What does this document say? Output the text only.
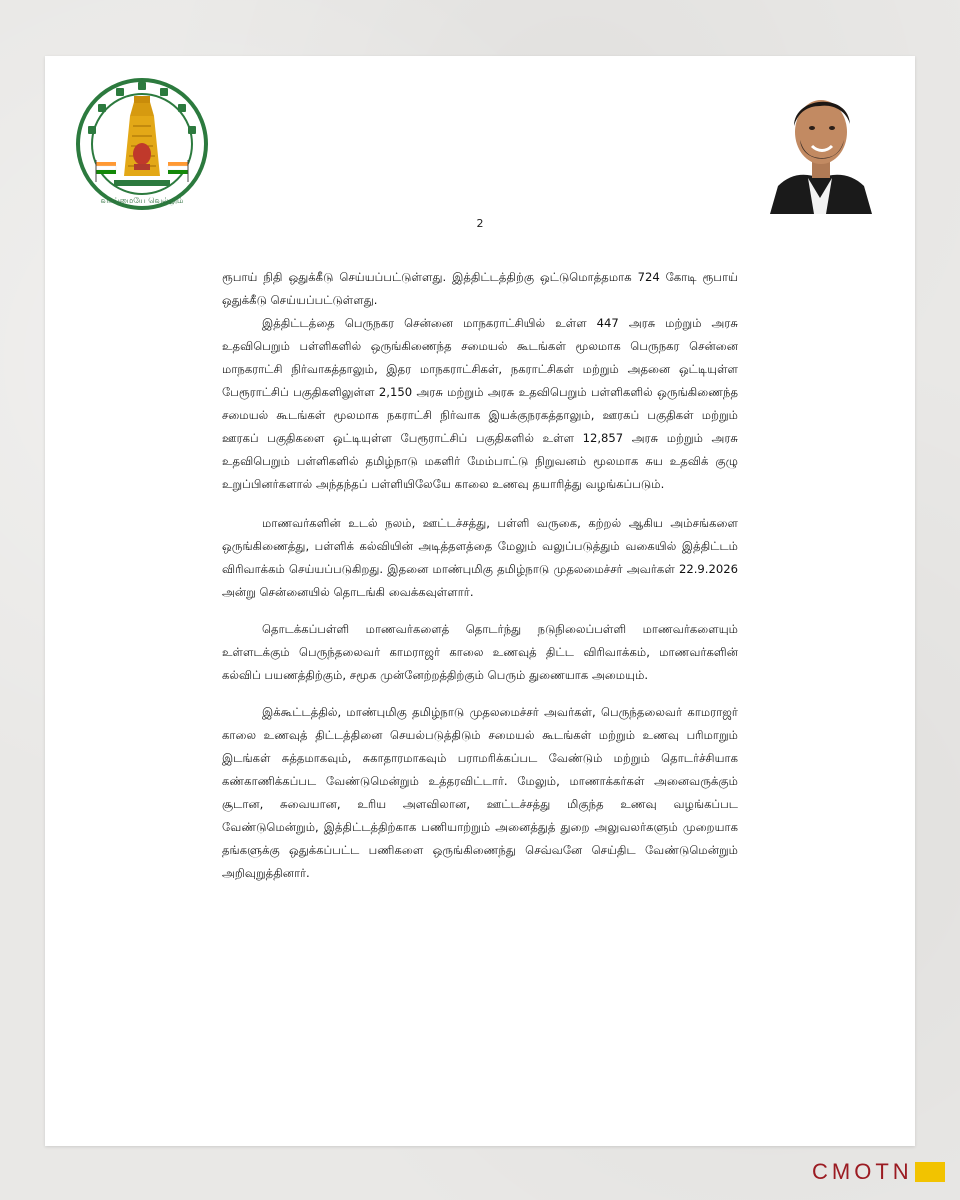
வாய்மையே வெல்லும்
2

ரூபாய் நிதி ஒதுக்கீடு செய்யப்பட்டுள்ளது. இத்திட்டத்திற்கு ஒட்டுமொத்தமாக 724 கோடி ரூபாய் ஒதுக்கீடு செய்யப்பட்டுள்ளது.

இத்திட்டத்தை பெருநகர சென்னை மாநகராட்சியில் உள்ள 447 அரசு மற்றும் அரசு உதவிபெறும் பள்ளிகளில் ஒருங்கிணைந்த சமையல் கூடங்கள் மூலமாக பெருநகர சென்னை மாநகராட்சி நிர்வாகத்தாலும், இதர மாநகராட்சிகள், நகராட்சிகள் மற்றும் அதனை ஒட்டியுள்ள பேரூராட்சிப் பகுதிகளிலுள்ள 2,150 அரசு மற்றும் அரசு உதவிபெறும் பள்ளிகளில் ஒருங்கிணைந்த சமையல் கூடங்கள் மூலமாக நகராட்சி நிர்வாக இயக்குநரகத்தாலும், ஊரகப் பகுதிகள் மற்றும் ஊரகப் பகுதிகளை ஒட்டியுள்ள பேரூராட்சிப் பகுதிகளில் உள்ள 12,857 அரசு மற்றும் அரசு உதவிபெறும் பள்ளிகளில் தமிழ்நாடு மகளிர் மேம்பாட்டு நிறுவனம் மூலமாக சுய உதவிக் குழு உறுப்பினர்களால் அந்தந்தப் பள்ளியிலேயே காலை உணவு தயாரித்து வழங்கப்படும்.

மாணவர்களின் உடல் நலம், ஊட்டச்சத்து, பள்ளி வருகை, கற்றல் ஆகிய அம்சங்களை ஒருங்கிணைத்து, பள்ளிக் கல்வியின் அடித்தளத்தை மேலும் வலுப்படுத்தும் வகையில் இத்திட்டம் விரிவாக்கம் செய்யப்படுகிறது. இதனை மாண்புமிகு தமிழ்நாடு முதலமைச்சர் அவர்கள் 22.9.2026 அன்று சென்னையில் தொடங்கி வைக்கவுள்ளார்.

தொடக்கப்பள்ளி மாணவர்களைத் தொடர்ந்து நடுநிலைப்பள்ளி மாணவர்களையும் உள்ளடக்கும் பெருந்தலைவர் காமராஜர் காலை உணவுத் திட்ட விரிவாக்கம், மாணவர்களின் கல்விப் பயணத்திற்கும், சமூக முன்னேற்றத்திற்கும் பெரும் துணையாக அமையும்.

இக்கூட்டத்தில், மாண்புமிகு தமிழ்நாடு முதலமைச்சர் அவர்கள், பெருந்தலைவர் காமராஜர் காலை உணவுத் திட்டத்தினை செயல்படுத்திடும் சமையல் கூடங்கள் மற்றும் உணவு பரிமாறும் இடங்கள் சுத்தமாகவும், சுகாதாரமாகவும் பராமரிக்கப்பட வேண்டும் மற்றும் தொடர்ச்சியாக கண்காணிக்கப்பட வேண்டுமென்றும் உத்தரவிட்டார். மேலும், மாணாக்கர்கள் அனைவருக்கும் சூடான, சுவையான, உரிய அளவிலான, ஊட்டச்சத்து மிகுந்த உணவு வழங்கப்பட வேண்டுமென்றும், இத்திட்டத்திற்காக பணியாற்றும் அனைத்துத் துறை அலுவலர்களும் முறையாக தங்களுக்கு ஒதுக்கப்பட்ட பணிகளை ஒருங்கிணைந்து செவ்வனே செய்திட வேண்டுமென்றும் அறிவுறுத்தினார்.

CMOTN
